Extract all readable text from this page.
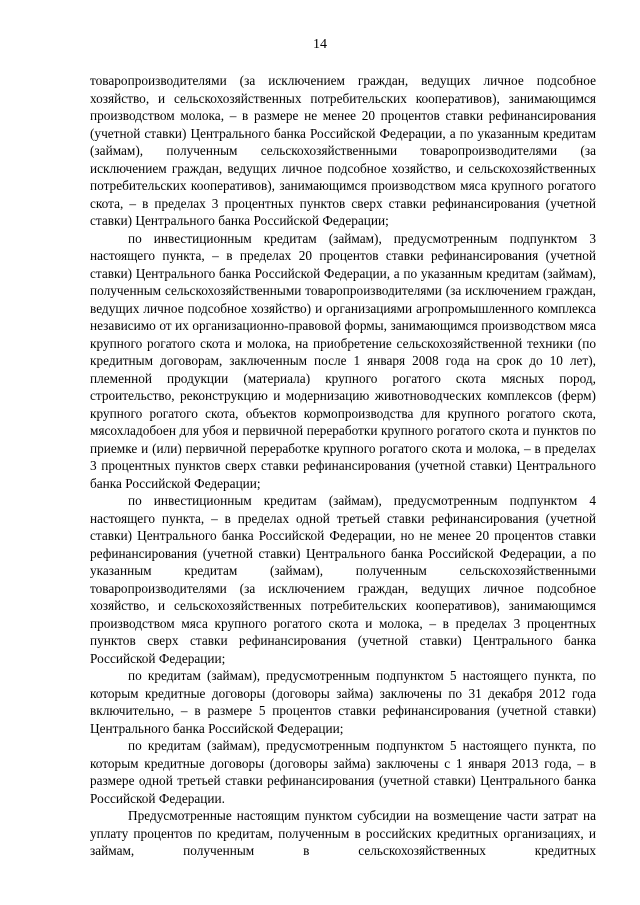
14

товаропроизводителями (за исключением граждан, ведущих личное подсобное хозяйство, и сельскохозяйственных потребительских кооперативов), занимающимся производством молока, – в размере не менее 20 процентов ставки рефинансирования (учетной ставки) Центрального банка Российской Федерации, а по указанным кредитам (займам), полученным сельскохозяйственными товаропроизводителями (за исключением граждан, ведущих личное подсобное хозяйство, и сельскохозяйственных потребительских кооперативов), занимающимся производством мяса крупного рогатого скота, – в пределах 3 процентных пунктов сверх ставки рефинансирования (учетной ставки) Центрального банка Российской Федерации;

по инвестиционным кредитам (займам), предусмотренным подпунктом 3 настоящего пункта, – в пределах 20 процентов ставки рефинансирования (учетной ставки) Центрального банка Российской Федерации, а по указанным кредитам (займам), полученным сельскохозяйственными товаропроизводителями (за исключением граждан, ведущих личное подсобное хозяйство) и организациями агропромышленного комплекса независимо от их организационно-правовой формы, занимающимся производством мяса крупного рогатого скота и молока, на приобретение сельскохозяйственной техники (по кредитным договорам, заключенным после 1 января 2008 года на срок до 10 лет), племенной продукции (материала) крупного рогатого скота мясных пород, строительство, реконструкцию и модернизацию животноводческих комплексов (ферм) крупного рогатого скота, объектов кормопроизводства для крупного рогатого скота, мясохладобоен для убоя и первичной переработки крупного рогатого скота и пунктов по приемке и (или) первичной переработке крупного рогатого скота и молока, – в пределах 3 процентных пунктов сверх ставки рефинансирования (учетной ставки) Центрального банка Российской Федерации;

по инвестиционным кредитам (займам), предусмотренным подпунктом 4 настоящего пункта, – в пределах одной третьей ставки рефинансирования (учетной ставки) Центрального банка Российской Федерации, но не менее 20 процентов ставки рефинансирования (учетной ставки) Центрального банка Российской Федерации, а по указанным кредитам (займам), полученным сельскохозяйственными товаропроизводителями (за исключением граждан, ведущих личное подсобное хозяйство, и сельскохозяйственных потребительских кооперативов), занимающимся производством мяса крупного рогатого скота и молока, – в пределах 3 процентных пунктов сверх ставки рефинансирования (учетной ставки) Центрального банка Российской Федерации;

по кредитам (займам), предусмотренным подпунктом 5 настоящего пункта, по которым кредитные договоры (договоры займа) заключены по 31 декабря 2012 года включительно, – в размере 5 процентов ставки рефинансирования (учетной ставки) Центрального банка Российской Федерации;

по кредитам (займам), предусмотренным подпунктом 5 настоящего пункта, по которым кредитные договоры (договоры займа) заключены с 1 января 2013 года, – в размере одной третьей ставки рефинансирования (учетной ставки) Центрального банка Российской Федерации.

Предусмотренные настоящим пунктом субсидии на возмещение части затрат на уплату процентов по кредитам, полученным в российских кредитных организациях, и займам, полученным в сельскохозяйственных кредитных
